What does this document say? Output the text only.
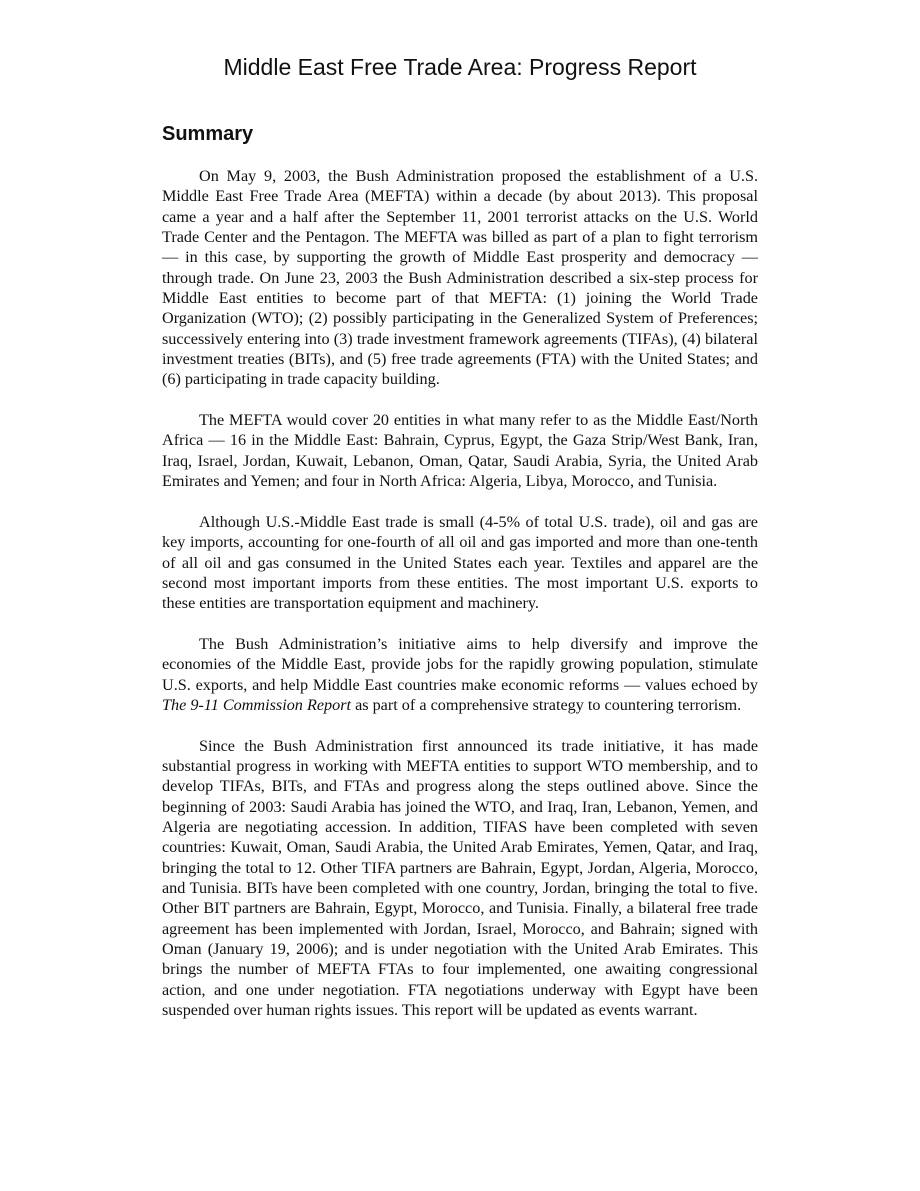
Middle East Free Trade Area: Progress Report
Summary

On May 9, 2003, the Bush Administration proposed the establishment of a U.S. Middle East Free Trade Area (MEFTA) within a decade (by about 2013). This proposal came a year and a half after the September 11, 2001 terrorist attacks on the U.S. World Trade Center and the Pentagon. The MEFTA was billed as part of a plan to fight terrorism — in this case, by supporting the growth of Middle East prosperity and democracy — through trade. On June 23, 2003 the Bush Administration described a six-step process for Middle East entities to become part of that MEFTA: (1) joining the World Trade Organization (WTO); (2) possibly participating in the Generalized System of Preferences; successively entering into (3) trade investment framework agreements (TIFAs), (4) bilateral investment treaties (BITs), and (5) free trade agreements (FTA) with the United States; and (6) participating in trade capacity building.

The MEFTA would cover 20 entities in what many refer to as the Middle East/North Africa — 16 in the Middle East: Bahrain, Cyprus, Egypt, the Gaza Strip/West Bank, Iran, Iraq, Israel, Jordan, Kuwait, Lebanon, Oman, Qatar, Saudi Arabia, Syria, the United Arab Emirates and Yemen; and four in North Africa: Algeria, Libya, Morocco, and Tunisia.

Although U.S.-Middle East trade is small (4-5% of total U.S. trade), oil and gas are key imports, accounting for one-fourth of all oil and gas imported and more than one-tenth of all oil and gas consumed in the United States each year. Textiles and apparel are the second most important imports from these entities. The most important U.S. exports to these entities are transportation equipment and machinery.

The Bush Administration’s initiative aims to help diversify and improve the economies of the Middle East, provide jobs for the rapidly growing population, stimulate U.S. exports, and help Middle East countries make economic reforms — values echoed by The 9-11 Commission Report as part of a comprehensive strategy to countering terrorism.

Since the Bush Administration first announced its trade initiative, it has made substantial progress in working with MEFTA entities to support WTO membership, and to develop TIFAs, BITs, and FTAs and progress along the steps outlined above. Since the beginning of 2003: Saudi Arabia has joined the WTO, and Iraq, Iran, Lebanon, Yemen, and Algeria are negotiating accession. In addition, TIFAS have been completed with seven countries: Kuwait, Oman, Saudi Arabia, the United Arab Emirates, Yemen, Qatar, and Iraq, bringing the total to 12. Other TIFA partners are Bahrain, Egypt, Jordan, Algeria, Morocco, and Tunisia. BITs have been completed with one country, Jordan, bringing the total to five. Other BIT partners are Bahrain, Egypt, Morocco, and Tunisia. Finally, a bilateral free trade agreement has been implemented with Jordan, Israel, Morocco, and Bahrain; signed with Oman (January 19, 2006); and is under negotiation with the United Arab Emirates. This brings the number of MEFTA FTAs to four implemented, one awaiting congressional action, and one under negotiation. FTA negotiations underway with Egypt have been suspended over human rights issues. This report will be updated as events warrant.
